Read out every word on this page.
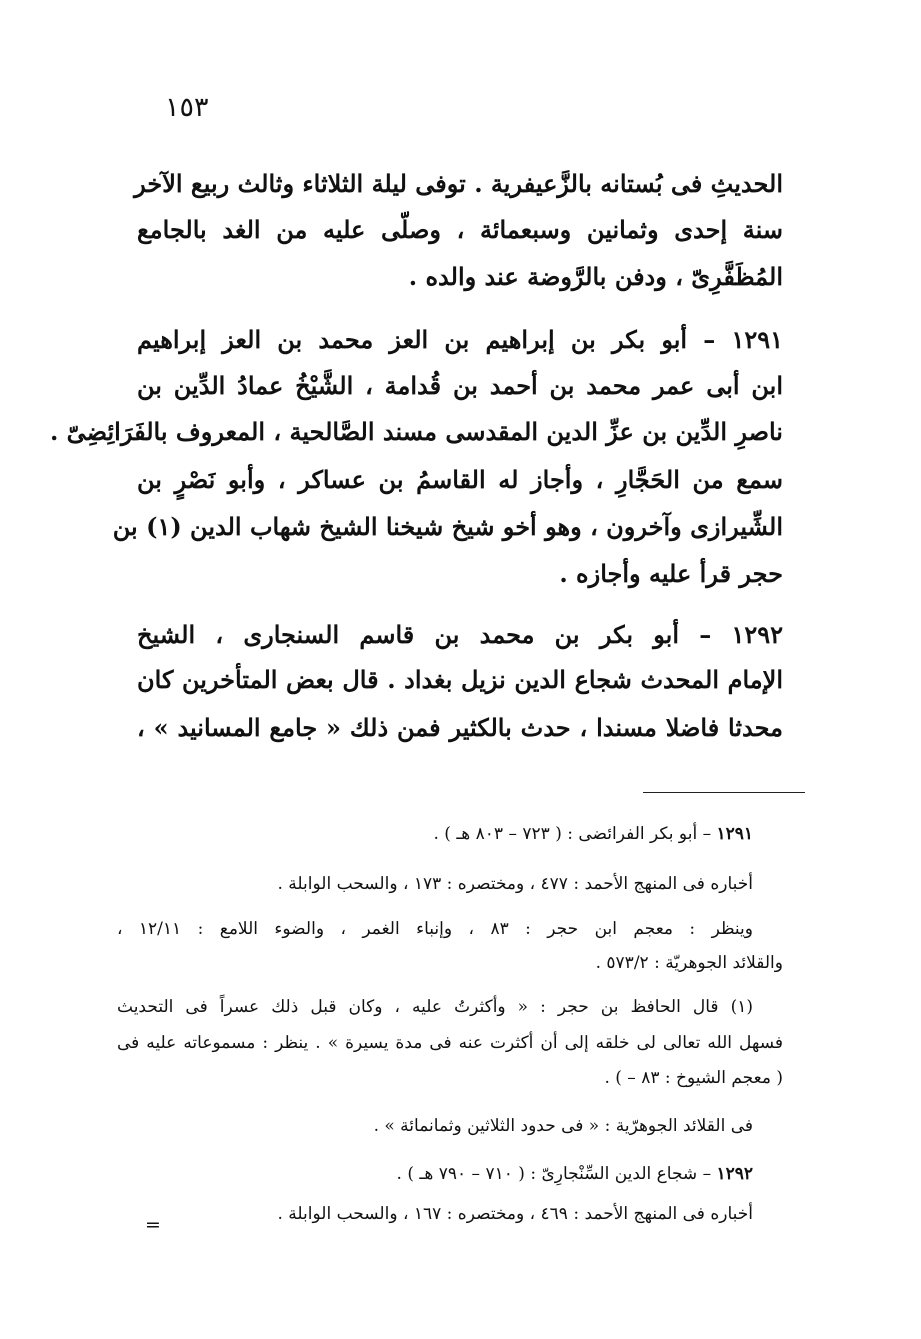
١٥٣

الحديثِ فى بُستانه بالزَّعيفرية . توفى ليلة الثلاثاء وثالث ربيع الآخر

سنة إحدى وثمانين وسبعمائة ، وصلّى عليه من الغد بالجامع

المُظَفَّرِىّ ، ودفن بالرَّوضة عند والده .

١٢٩١ – أبو بكر بن إبراهيم بن العز محمد بن العز إبراهيم

ابن أبى عمر محمد بن أحمد بن قُدامة ، الشَّيْخُ عمادُ الدِّين بن

ناصرِ الدِّين بن عزِّ الدين المقدسى مسند الصَّالحية ، المعروف بالفَرَائِضِىّ .

سمع من الحَجَّارِ ، وأجاز له القاسمُ بن عساكر ، وأبو نَصْرٍ بن

الشِّيرازى وآخرون ، وهو أخو شيخ شيخنا الشيخ شهاب الدين (١) بن

حجر قرأ عليه وأجازه .

١٢٩٢ – أبو بكر بن محمد بن قاسم السنجارى ، الشيخ

الإمام المحدث شجاع الدين نزيل بغداد . قال بعض المتأخرين كان

محدثا فاضلا مسندا ، حدث بالكثير فمن ذلك « جامع المسانيد » ،

١٢٩١ – أبو بكر الفرائضى : ( ٧٢٣ – ٨٠٣ هـ ) .

أخباره فى المنهج الأحمد : ٤٧٧ ، ومختصره : ١٧٣ ، والسحب الوابلة .

وينظر : معجم ابن حجر : ٨٣ ، وإنباء الغمر ، والضوء اللامع : ١٢/١١ ،

والقلائد الجوهريّة : ٥٧٣/٢ .

(١) قال الحافظ بن حجر : « وأكثرتُ عليه ، وكان قبل ذلك عسراً فى التحديث

فسهل الله تعالى لى خلقه إلى أن أكثرت عنه فى مدة يسيرة » . ينظر : مسموعاته عليه فى

( معجم الشيوخ : ٨٣ – ) .

فى القلائد الجوهرّية : « فى حدود الثلاثين وثمانمائة » .

١٢٩٢ – شجاع الدين السِّنْجارِىّ : ( ٧١٠ – ٧٩٠ هـ ) .

أخباره فى المنهج الأحمد : ٤٦٩ ، ومختصره : ١٦٧ ، والسحب الوابلة .

=
